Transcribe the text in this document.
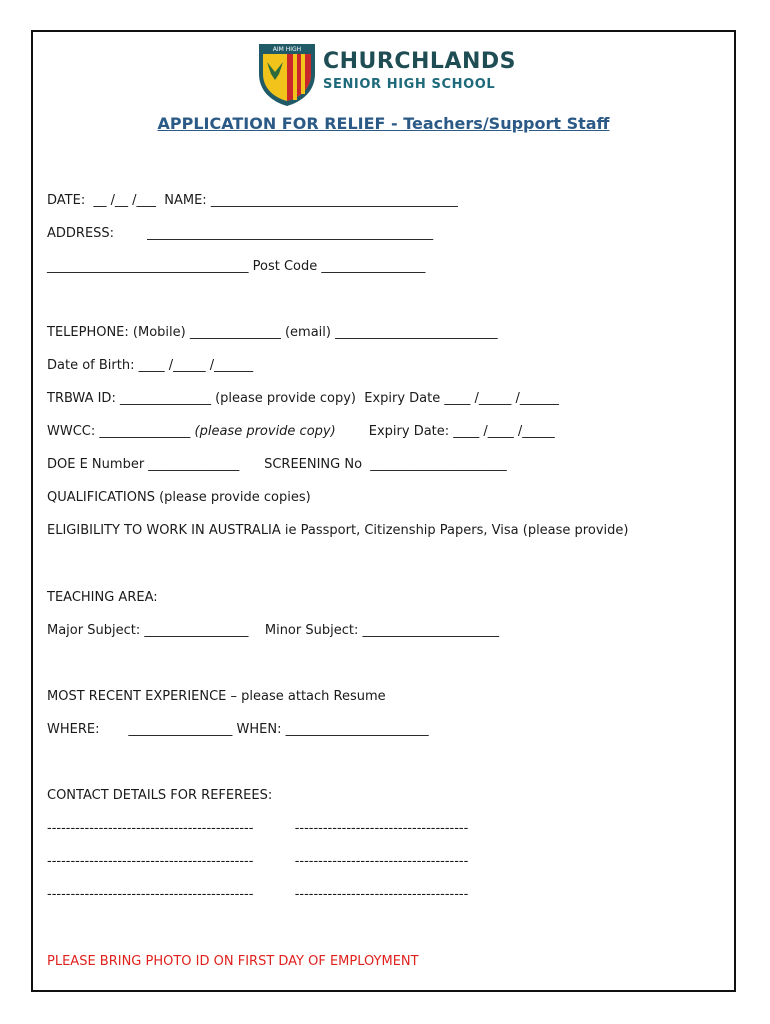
AIM HIGH CHURCHLANDS
SENIOR HIGH SCHOOL
APPLICATION FOR RELIEF - Teachers/Support Staff
DATE:  __ /__ /___  NAME: ______________________________________
ADDRESS:        ____________________________________________
_______________________________ Post Code ________________
TELEPHONE: (Mobile) ______________ (email) _________________________
Date of Birth: ____ /_____ /______
TRBWA ID: ______________ (please provide copy)  Expiry Date ____ /_____ /______
WWCC: ______________ (please provide copy)        Expiry Date: ____ /____ /_____
DOE E Number ______________      SCREENING No  _____________________
QUALIFICATIONS (please provide copies)
ELIGIBILITY TO WORK IN AUSTRALIA ie Passport, Citizenship Papers, Visa (please provide)
TEACHING AREA:
Major Subject: ________________    Minor Subject: _____________________
MOST RECENT EXPERIENCE – please attach Resume
WHERE:       ________________ WHEN: ______________________
CONTACT DETAILS FOR REFEREES:
--------------------------------------------          -------------------------------------
--------------------------------------------          -------------------------------------
--------------------------------------------          -------------------------------------
PLEASE BRING PHOTO ID ON FIRST DAY OF EMPLOYMENT
